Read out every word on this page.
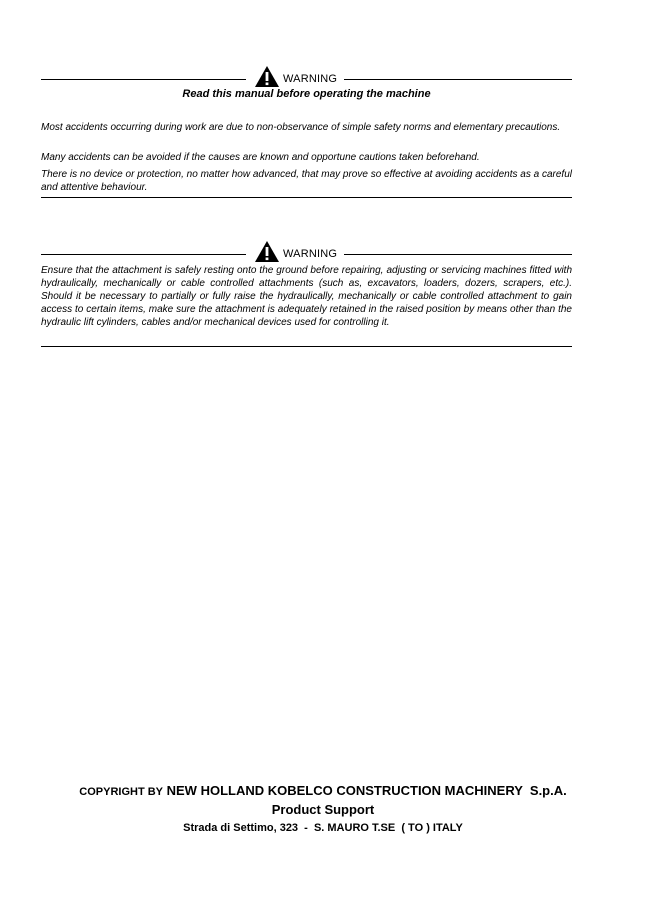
WARNING
Read this manual before operating the machine

Most accidents occurring during work are due to non-observance of simple safety norms and elementary precautions.

Many accidents can be avoided if the causes are known and opportune cautions taken beforehand.

There is no device or protection, no matter how advanced, that may prove so effective at avoiding accidents as a careful and attentive behaviour.

WARNING

Ensure that the attachment is safely resting onto the ground before repairing, adjusting or servicing machines fitted with hydraulically, mechanically or cable controlled attachments (such as, excavators, loaders, dozers, scrapers, etc.). Should it be necessary to partially or fully raise the hydraulically, mechanically or cable controlled attachment to gain access to certain items, make sure the attachment is adequately retained in the raised position by means other than the hydraulic lift cylinders, cables and/or mechanical devices used for controlling it.

COPYRIGHT BY NEW HOLLAND KOBELCO CONSTRUCTION MACHINERY  S.p.A.
Product Support
Strada di Settimo, 323  -  S. MAURO T.SE  ( TO ) ITALY
